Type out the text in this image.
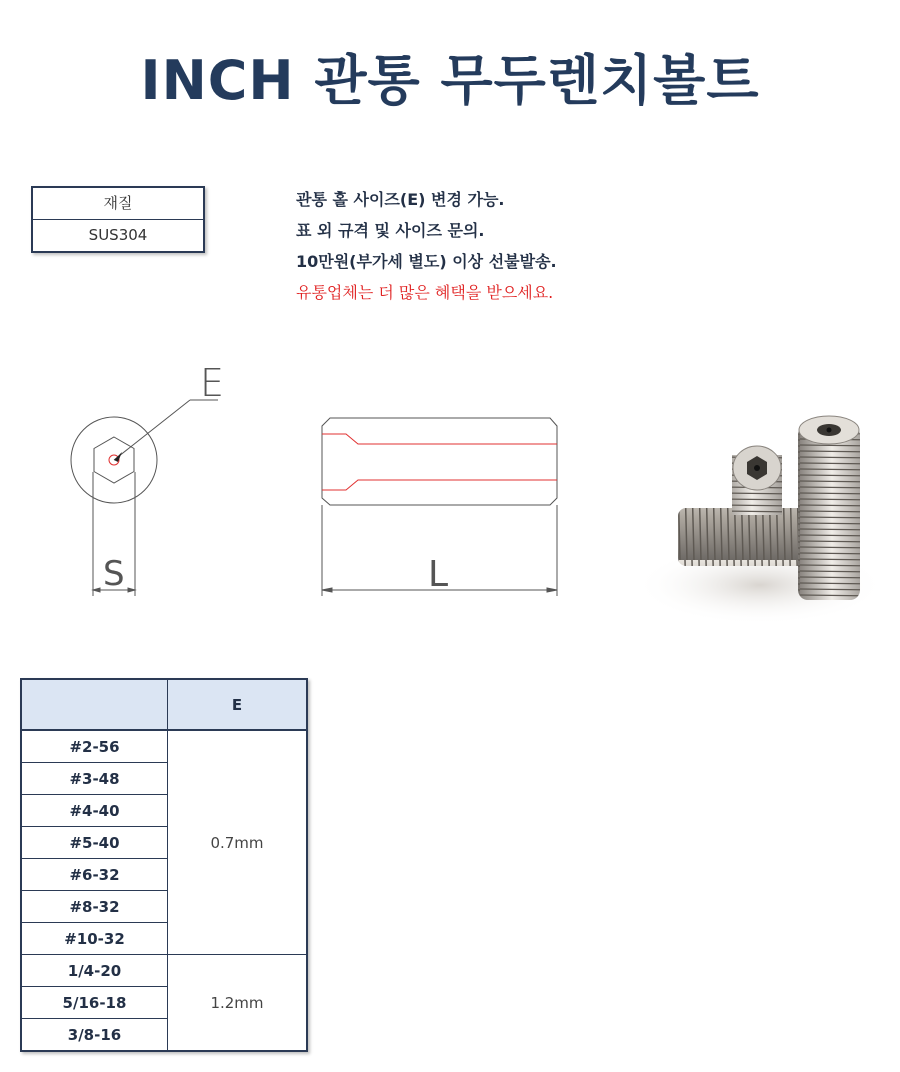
INCH 관통 무두렌치볼트
재질
SUS304
관통 홀 사이즈(E) 변경 가능.
표 외 규격 및 사이즈 문의.
10만원(부가세 별도) 이상 선불발송.
유통업체는 더 많은 혜택을 받으세요.
E
S	L
	E
#2-56	0.7mm
#3-48	
#4-40	
#5-40	
#6-32	
#8-32	
#10-32	
1/4-20	1.2mm
5/16-18	
3/8-16	
